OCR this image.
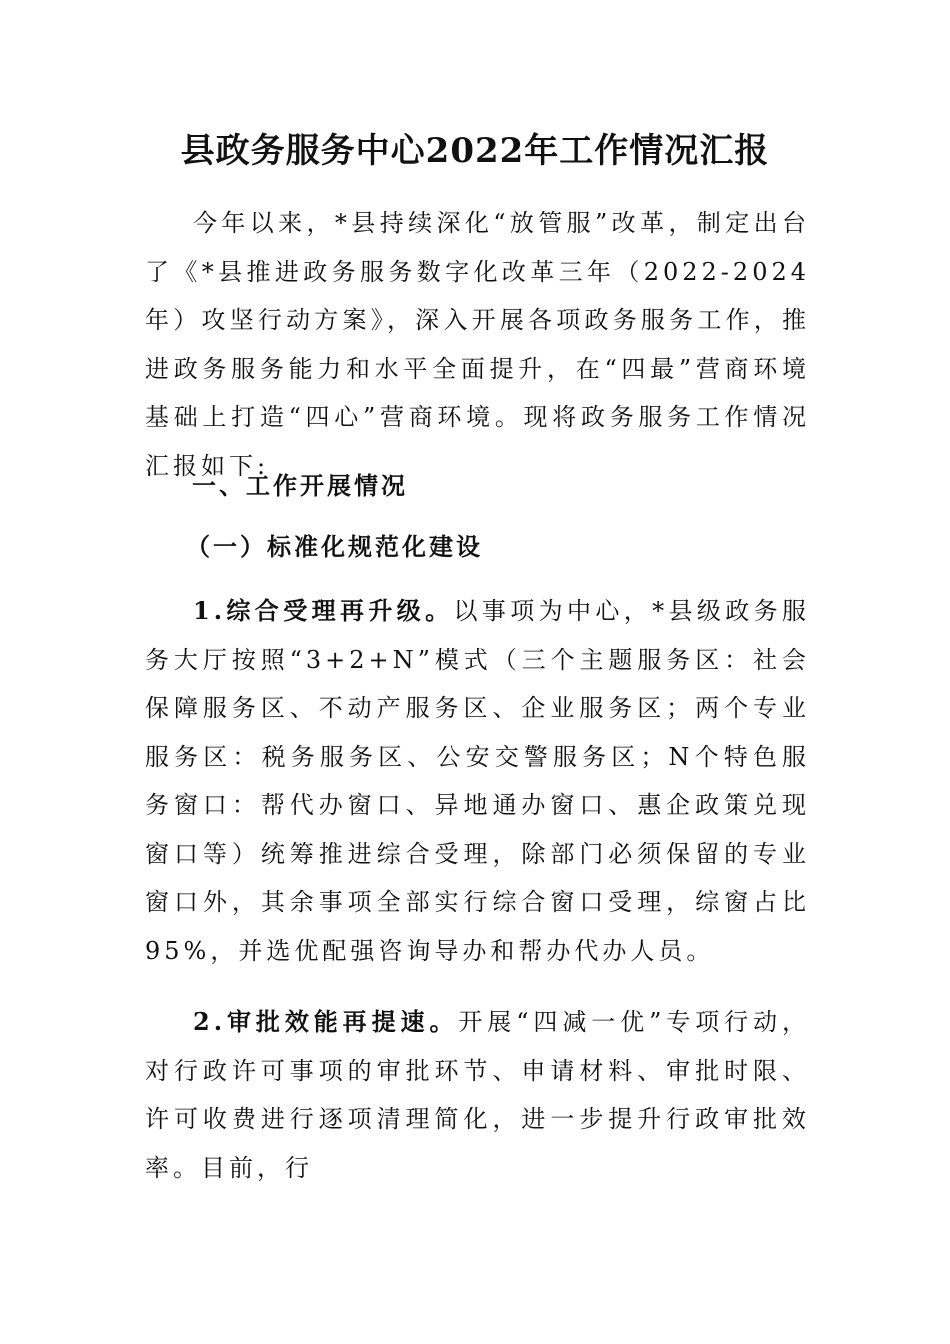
县政务服务中心2022年工作情况汇报

今年以来，*县持续深化“放管服”改革，制定出台了《*县推进政务服务数字化改革三年（2022-2024年）攻坚行动方案》，深入开展各项政务服务工作，推进政务服务能力和水平全面提升，在“四最”营商环境基础上打造“四心”营商环境。现将政务服务工作情况汇报如下:

一、工作开展情况
（一）标准化规范化建设

1.综合受理再升级。以事项为中心，*县级政务服务大厅按照“3+2+N”模式（三个主题服务区：社会保障服务区、不动产服务区、企业服务区；两个专业服务区：税务服务区、公安交警服务区；N个特色服务窗口：帮代办窗口、异地通办窗口、惠企政策兑现窗口等）统筹推进综合受理，除部门必须保留的专业窗口外，其余事项全部实行综合窗口受理，综窗占比95%，并选优配强咨询导办和帮办代办人员。

2.审批效能再提速。开展“四减一优”专项行动，对行政许可事项的审批环节、申请材料、审批时限、许可收费进行逐项清理简化，进一步提升行政审批效率。目前，行
